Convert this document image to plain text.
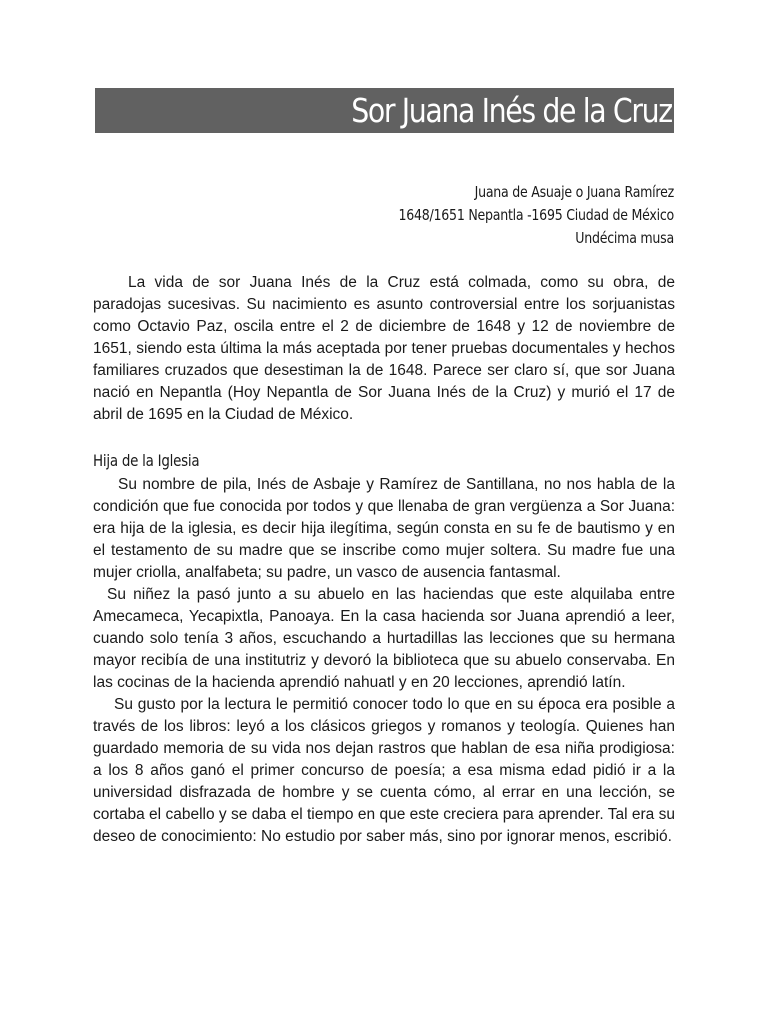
Sor Juana Inés de la Cruz
Juana de Asuaje o Juana Ramírez
1648/1651 Nepantla -1695 Ciudad de México
Undécima musa

La vida de sor Juana Inés de la Cruz está colmada, como su obra, de paradojas sucesivas. Su nacimiento es asunto controversial entre los sorjuanistas como Octavio Paz, oscila entre el 2 de diciembre de 1648 y 12 de noviembre de 1651, siendo esta última la más aceptada por tener pruebas documentales y hechos familiares cruzados que desestiman la de 1648. Parece ser claro sí, que sor Juana nació en Nepantla (Hoy Nepantla de Sor Juana Inés de la Cruz) y murió el 17 de abril de 1695 en la Ciudad de México.

Hija de la Iglesia

Su nombre de pila, Inés de Asbaje y Ramírez de Santillana, no nos habla de la condición que fue conocida por todos y que llenaba de gran vergüenza a Sor Juana: era hija de la iglesia, es decir hija ilegítima, según consta en su fe de bautismo y en el testamento de su madre que se inscribe como mujer soltera. Su madre fue una mujer criolla, analfabeta; su padre, un vasco de ausencia fantasmal.

Su niñez la pasó junto a su abuelo en las haciendas que este alquilaba entre Amecameca, Yecapixtla, Panoaya. En la casa hacienda sor Juana aprendió a leer, cuando solo tenía 3 años, escuchando a hurtadillas las lecciones que su hermana mayor recibía de una institutriz y devoró la biblioteca que su abuelo conservaba. En las cocinas de la hacienda aprendió nahuatl y en 20 lecciones, aprendió latín.

Su gusto por la lectura le permitió conocer todo lo que en su época era posible a través de los libros: leyó a los clásicos griegos y romanos y teología. Quienes han guardado memoria de su vida nos dejan rastros que hablan de esa niña prodigiosa: a los 8 años ganó el primer concurso de poesía; a esa misma edad pidió ir a la universidad disfrazada de hombre y se cuenta cómo, al errar en una lección, se cortaba el cabello y se daba el tiempo en que este creciera para aprender. Tal era su deseo de conocimiento: No estudio por saber más, sino por ignorar menos, escribió.
